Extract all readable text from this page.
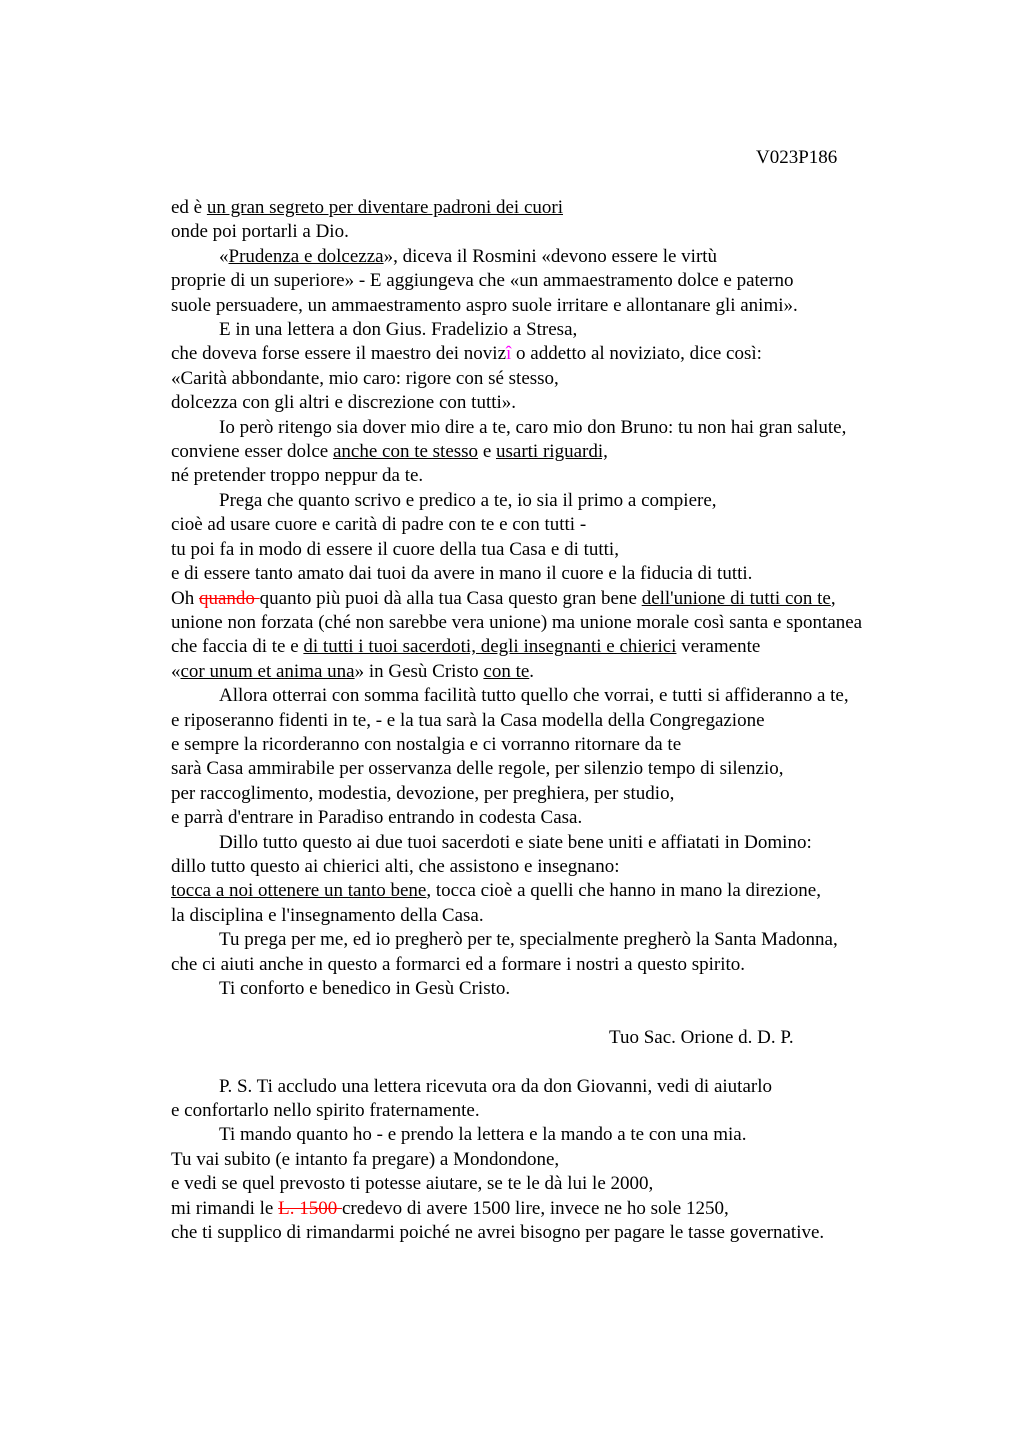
V023P186
ed è un gran segreto per diventare padroni dei cuori
onde poi portarli a Dio.
«Prudenza e dolcezza», diceva il Rosmini «devono essere le virtù
proprie di un superiore» - E aggiungeva che «un ammaestramento dolce e paterno
suole persuadere, un ammaestramento aspro suole irritare e allontanare gli animi».
E in una lettera a don Gius. Fradelizio a Stresa,
che doveva forse essere il maestro dei novizî o addetto al noviziato, dice così:
«Carità abbondante, mio caro: rigore con sé stesso,
dolcezza con gli altri e discrezione con tutti».
Io però ritengo sia dover mio dire a te, caro mio don Bruno: tu non hai gran salute,
conviene esser dolce anche con te stesso e usarti riguardi,
né pretender troppo neppur da te.
Prega che quanto scrivo e predico a te, io sia il primo a compiere,
cioè ad usare cuore e carità di padre con te e con tutti -
tu poi fa in modo di essere il cuore della tua Casa e di tutti,
e di essere tanto amato dai tuoi da avere in mano il cuore e la fiducia di tutti.
Oh quando quanto più puoi dà alla tua Casa questo gran bene dell'unione di tutti con te,
unione non forzata (ché non sarebbe vera unione) ma unione morale così santa e spontanea
che faccia di te e di tutti i tuoi sacerdoti, degli insegnanti e chierici veramente
«cor unum et anima una» in Gesù Cristo con te.
Allora otterrai con somma facilità tutto quello che vorrai, e tutti si affideranno a te,
e riposeranno fidenti in te, - e la tua sarà la Casa modella della Congregazione
e sempre la ricorderanno con nostalgia e ci vorranno ritornare da te
sarà Casa ammirabile per osservanza delle regole, per silenzio tempo di silenzio,
per raccoglimento, modestia, devozione, per preghiera, per studio,
e parrà d'entrare in Paradiso entrando in codesta Casa.
Dillo tutto questo ai due tuoi sacerdoti e siate bene uniti e affiatati in Domino:
dillo tutto questo ai chierici alti, che assistono e insegnano:
tocca a noi ottenere un tanto bene, tocca cioè a quelli che hanno in mano la direzione,
la disciplina e l'insegnamento della Casa.
Tu prega per me, ed io pregherò per te, specialmente pregherò la Santa Madonna,
che ci aiuti anche in questo a formarci ed a formare i nostri a questo spirito.
Ti conforto e benedico in Gesù Cristo.
Tuo Sac. Orione d. D. P.
P. S. Ti accludo una lettera ricevuta ora da don Giovanni, vedi di aiutarlo
e confortarlo nello spirito fraternamente.
Ti mando quanto ho - e prendo la lettera e la mando a te con una mia.
Tu vai subito (e intanto fa pregare) a Mondondone,
e vedi se quel prevosto ti potesse aiutare, se te le dà lui le 2000,
mi rimandi le L. 1500 credevo di avere 1500 lire, invece ne ho sole 1250,
che ti supplico di rimandarmi poiché ne avrei bisogno per pagare le tasse governative.
